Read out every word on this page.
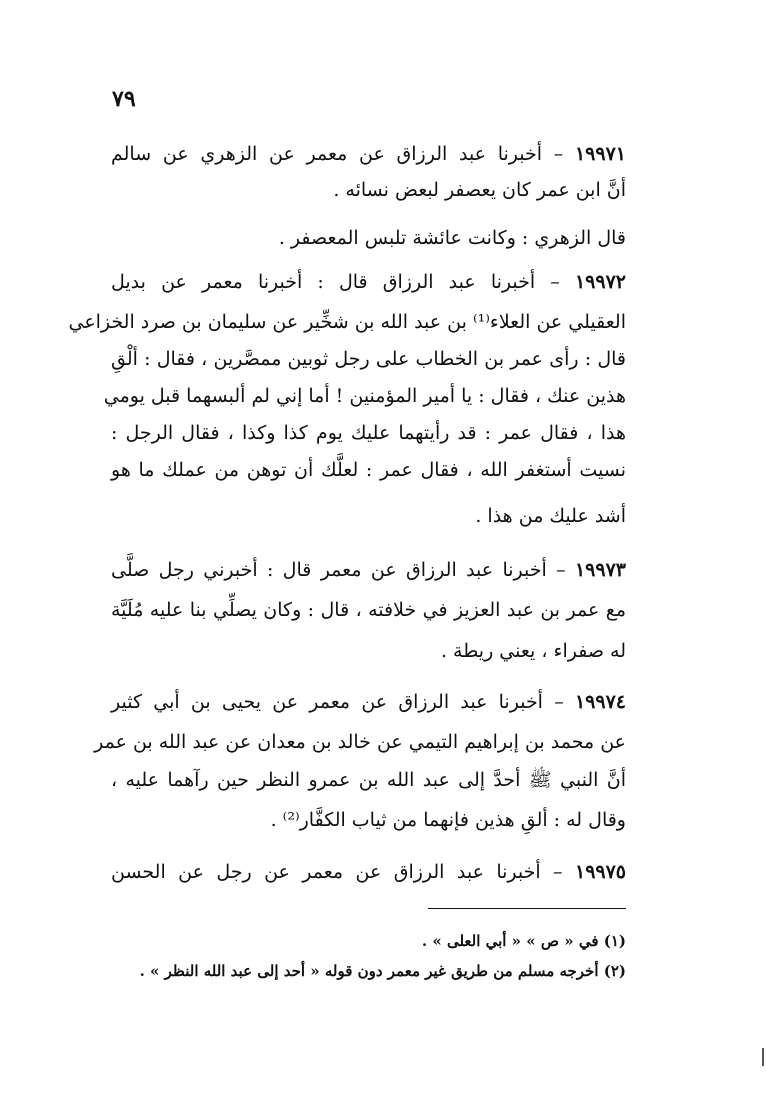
٧٩
١٩٩٧١ – أخبرنا عبد الرزاق عن معمر عن الزهري عن سالم
أنَّ ابن عمر كان يعصفر لبعض نسائه .
قال الزهري : وكانت عائشة تلبس المعصفر .
١٩٩٧٢ – أخبرنا عبد الرزاق قال : أخبرنا معمر عن بديل
العقيلي عن العلاء⁽¹⁾ بن عبد الله بن شخِّير عن سليمان بن صرد الخزاعي
قال : رأى عمر بن الخطاب على رجل ثوبين ممصَّرين ، فقال : ألْقِ
هذين عنك ، فقال : يا أمير المؤمنين ! أما إني لم ألبسهما قبل يومي
هذا ، فقال عمر : قد رأيتهما عليك يوم كذا وكذا ، فقال الرجل :
نسيت أستغفر الله ، فقال عمر : لعلَّك أن توهن من عملك ما هو
أشد عليك من هذا .
١٩٩٧٣ – أخبرنا عبد الرزاق عن معمر قال : أخبرني رجل صلَّى
مع عمر بن عبد العزيز في خلافته ، قال : وكان يصلِّي بنا عليه مُلَيَّة
له صفراء ، يعني ريطة .
١٩٩٧٤ – أخبرنا عبد الرزاق عن معمر عن يحيى بن أبي كثير
عن محمد بن إبراهيم التيمي عن خالد بن معدان عن عبد الله بن عمر
أنَّ النبي ﷺ أحدَّ إلى عبد الله بن عمرو النظر حين رآهما عليه ،
وقال له : ألقِ هذين فإنهما من ثياب الكفَّار⁽²⁾ .
١٩٩٧٥ – أخبرنا عبد الرزاق عن معمر عن رجل عن الحسن
(١) في « ص » « أبي العلى » .
(٢) أخرجه مسلم من طريق غير معمر دون قوله « أحد إلى عبد الله النظر » .
